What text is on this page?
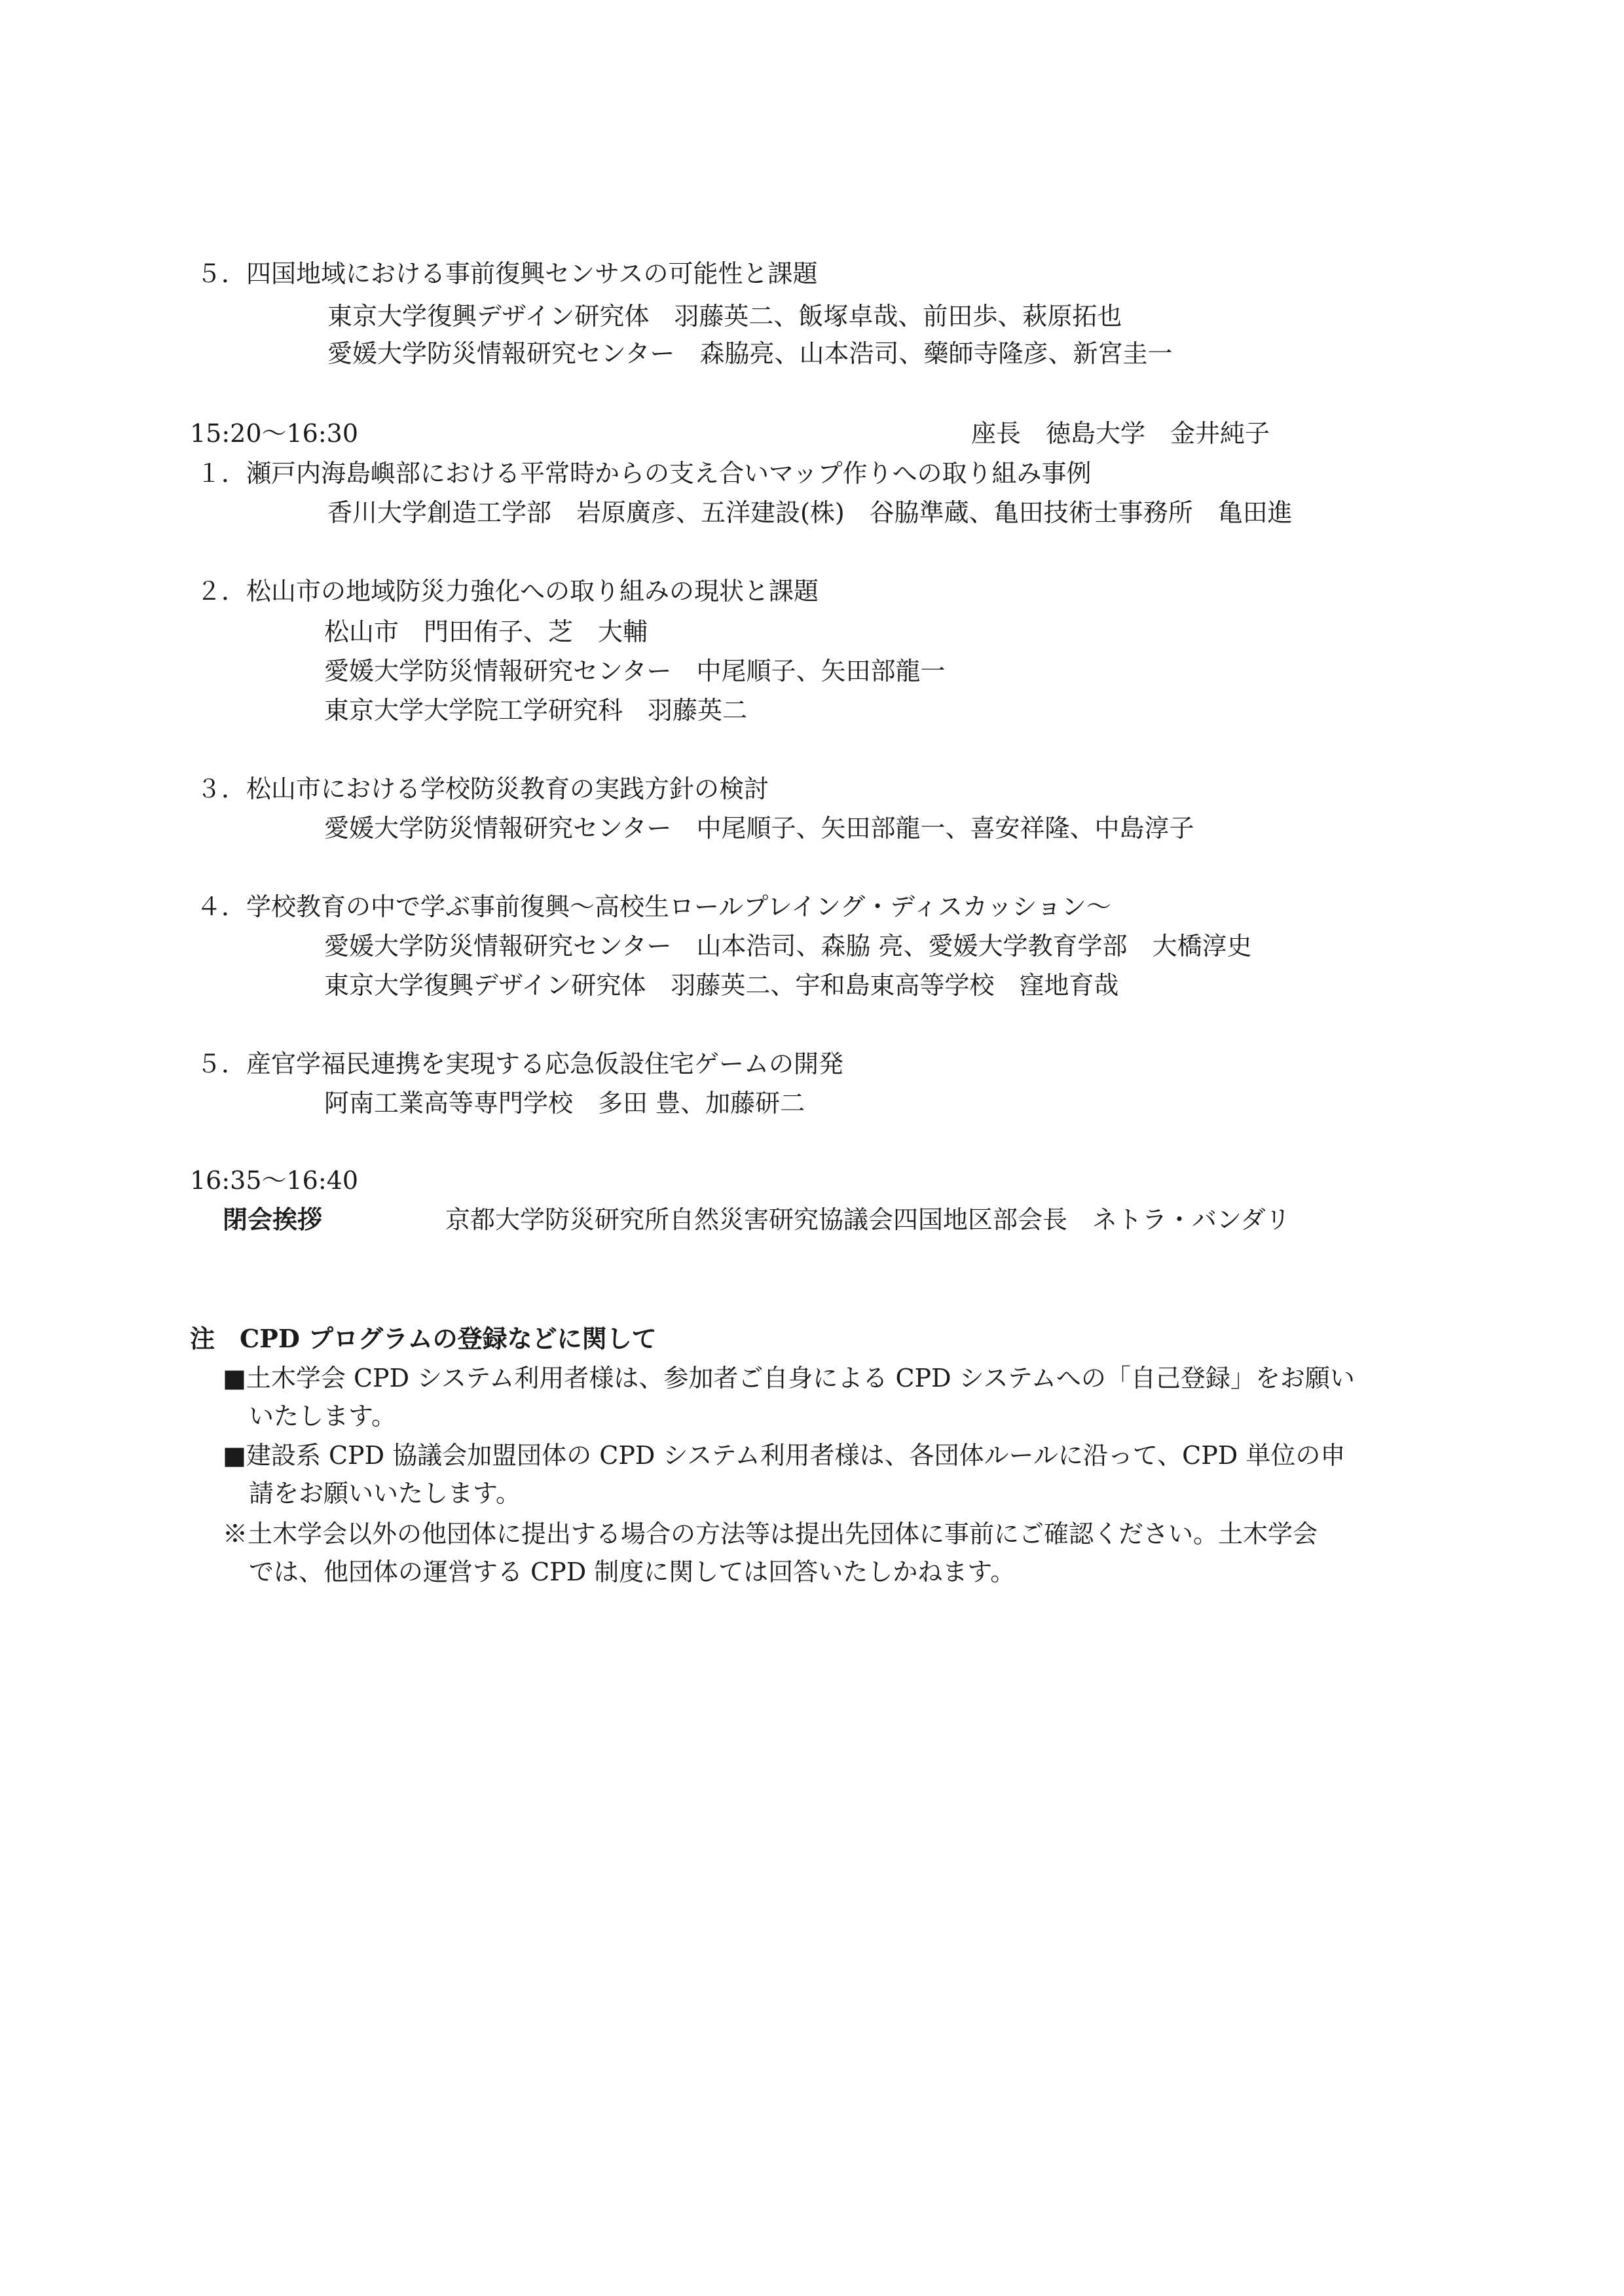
５．四国地域における事前復興センサスの可能性と課題
東京大学復興デザイン研究体　羽藤英二、飯塚卓哉、前田歩、萩原拓也
愛媛大学防災情報研究センター　森脇亮、山本浩司、藥師寺隆彦、新宮圭一
15:20～16:30	座長　徳島大学　金井純子
１．瀬戸内海島嶼部における平常時からの支え合いマップ作りへの取り組み事例
香川大学創造工学部　岩原廣彦、五洋建設(株)　谷脇準蔵、亀田技術士事務所　亀田進
２．松山市の地域防災力強化への取り組みの現状と課題
松山市　門田侑子、芝　大輔
愛媛大学防災情報研究センター　中尾順子、矢田部龍一
東京大学大学院工学研究科　羽藤英二
３．松山市における学校防災教育の実践方針の検討
愛媛大学防災情報研究センター　中尾順子、矢田部龍一、喜安祥隆、中島淳子
４．学校教育の中で学ぶ事前復興～高校生ロールプレイング・ディスカッション～
愛媛大学防災情報研究センター　山本浩司、森脇 亮、愛媛大学教育学部　大橋淳史
東京大学復興デザイン研究体　羽藤英二、宇和島東高等学校　窪地育哉
５．産官学福民連携を実現する応急仮設住宅ゲームの開発
阿南工業高等専門学校　多田 豊、加藤研二
16:35～16:40
閉会挨拶	京都大学防災研究所自然災害研究協議会四国地区部会長　ネトラ・バンダリ
注　CPD プログラムの登録などに関して
■土木学会 CPD システム利用者様は、参加者ご自身による CPD システムへの「自己登録」をお願い
いたします。
■建設系 CPD 協議会加盟団体の CPD システム利用者様は、各団体ルールに沿って、CPD 単位の申
請をお願いいたします。
※土木学会以外の他団体に提出する場合の方法等は提出先団体に事前にご確認ください。土木学会
では、他団体の運営する CPD 制度に関しては回答いたしかねます。
